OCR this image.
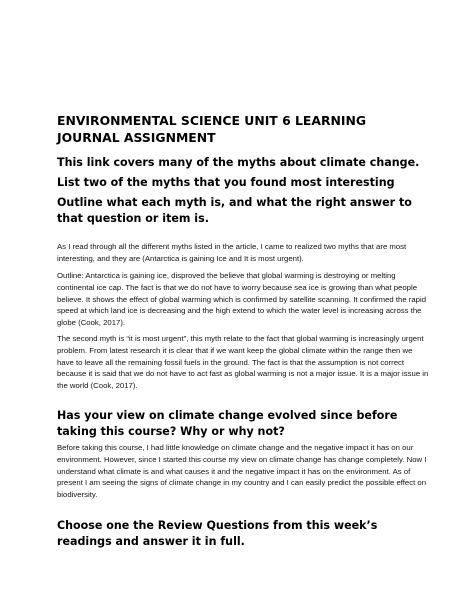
ENVIRONMENTAL SCIENCE UNIT 6 LEARNING JOURNAL ASSIGNMENT
This link covers many of the myths about climate change.
List two of the myths that you found most interesting
Outline what each myth is, and what the right answer to that question or item is.

As I read through all the different myths listed in the article, I came to realized two myths that are most interesting, and they are (Antarctica is gaining Ice and It is most urgent).

Outline: Antarctica is gaining ice, disproved the believe that global warming is destroying or melting continental ice cap. The fact is that we do not have to worry because sea ice is growing than what people believe. It shows the effect of global warming which is confirmed by satellite scanning. It confirmed the rapid speed at which land ice is decreasing and the high extend to which the water level is increasing across the globe (Cook, 2017).

The second myth is “it is most urgent”, this myth relate to the fact that global warming is increasingly urgent problem. From latest research it is clear that if we want keep the global climate within the range then we have to leave all the remaining fossil fuels in the ground. The fact is that the assumption is not correct because it is said that we do not have to act fast as global warming is not a major issue. It is a major issue in the world (Cook, 2017).

Has your view on climate change evolved since before taking this course? Why or why not?

Before taking this course, I had little knowledge on climate change and the negative impact it has on our environment. However, since I started this course my view on climate change has change completely. Now I understand what climate is and what causes it and the negative impact it has on the environment. As of present I am seeing the signs of climate change in my country and I can easily predict the possible effect on biodiversity.

Choose one the Review Questions from this week’s readings and answer it in full.
